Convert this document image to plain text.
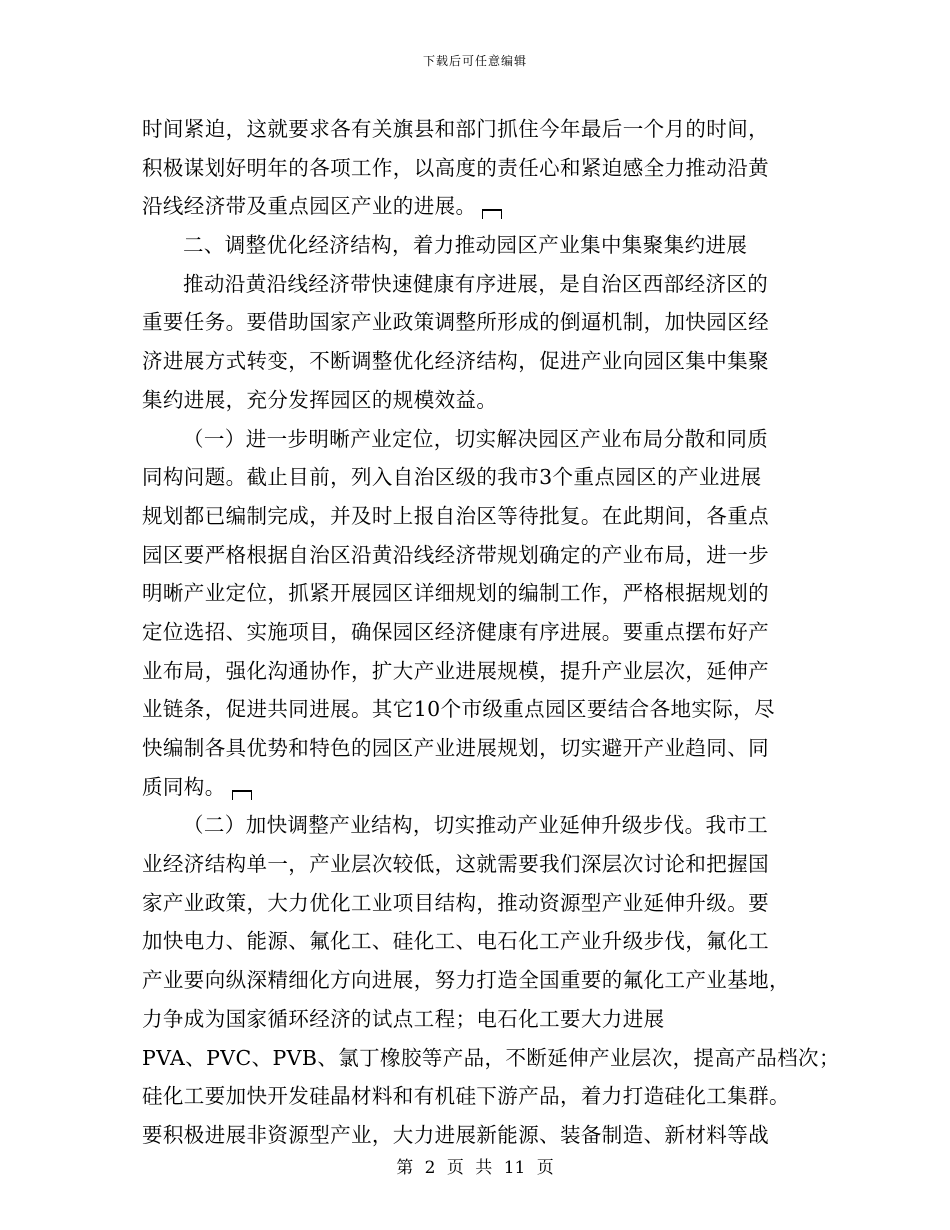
下载后可任意编辑
时间紧迫，这就要求各有关旗县和部门抓住今年最后一个月的时间，
积极谋划好明年的各项工作，以高度的责任心和紧迫感全力推动沿黄
沿线经济带及重点园区产业的进展。
二、调整优化经济结构，着力推动园区产业集中集聚集约进展
推动沿黄沿线经济带快速健康有序进展，是自治区西部经济区的
重要任务。要借助国家产业政策调整所形成的倒逼机制，加快园区经
济进展方式转变，不断调整优化经济结构，促进产业向园区集中集聚
集约进展，充分发挥园区的规模效益。
（一）进一步明晰产业定位，切实解决园区产业布局分散和同质
同构问题。截止目前，列入自治区级的我市3个重点园区的产业进展
规划都已编制完成，并及时上报自治区等待批复。在此期间，各重点
园区要严格根据自治区沿黄沿线经济带规划确定的产业布局，进一步
明晰产业定位，抓紧开展园区详细规划的编制工作，严格根据规划的
定位选招、实施项目，确保园区经济健康有序进展。要重点摆布好产
业布局，强化沟通协作，扩大产业进展规模，提升产业层次，延伸产
业链条，促进共同进展。其它10个市级重点园区要结合各地实际，尽
快编制各具优势和特色的园区产业进展规划，切实避开产业趋同、同
质同构。
（二）加快调整产业结构，切实推动产业延伸升级步伐。我市工
业经济结构单一，产业层次较低，这就需要我们深层次讨论和把握国
家产业政策，大力优化工业项目结构，推动资源型产业延伸升级。要
加快电力、能源、氟化工、硅化工、电石化工产业升级步伐，氟化工
产业要向纵深精细化方向进展，努力打造全国重要的氟化工产业基地，
力争成为国家循环经济的试点工程；电石化工要大力进展
PVA、PVC、PVB、氯丁橡胶等产品，不断延伸产业层次，提高产品档次；
硅化工要加快开发硅晶材料和有机硅下游产品，着力打造硅化工集群。
要积极进展非资源型产业，大力进展新能源、装备制造、新材料等战
第 2 页 共 11 页
